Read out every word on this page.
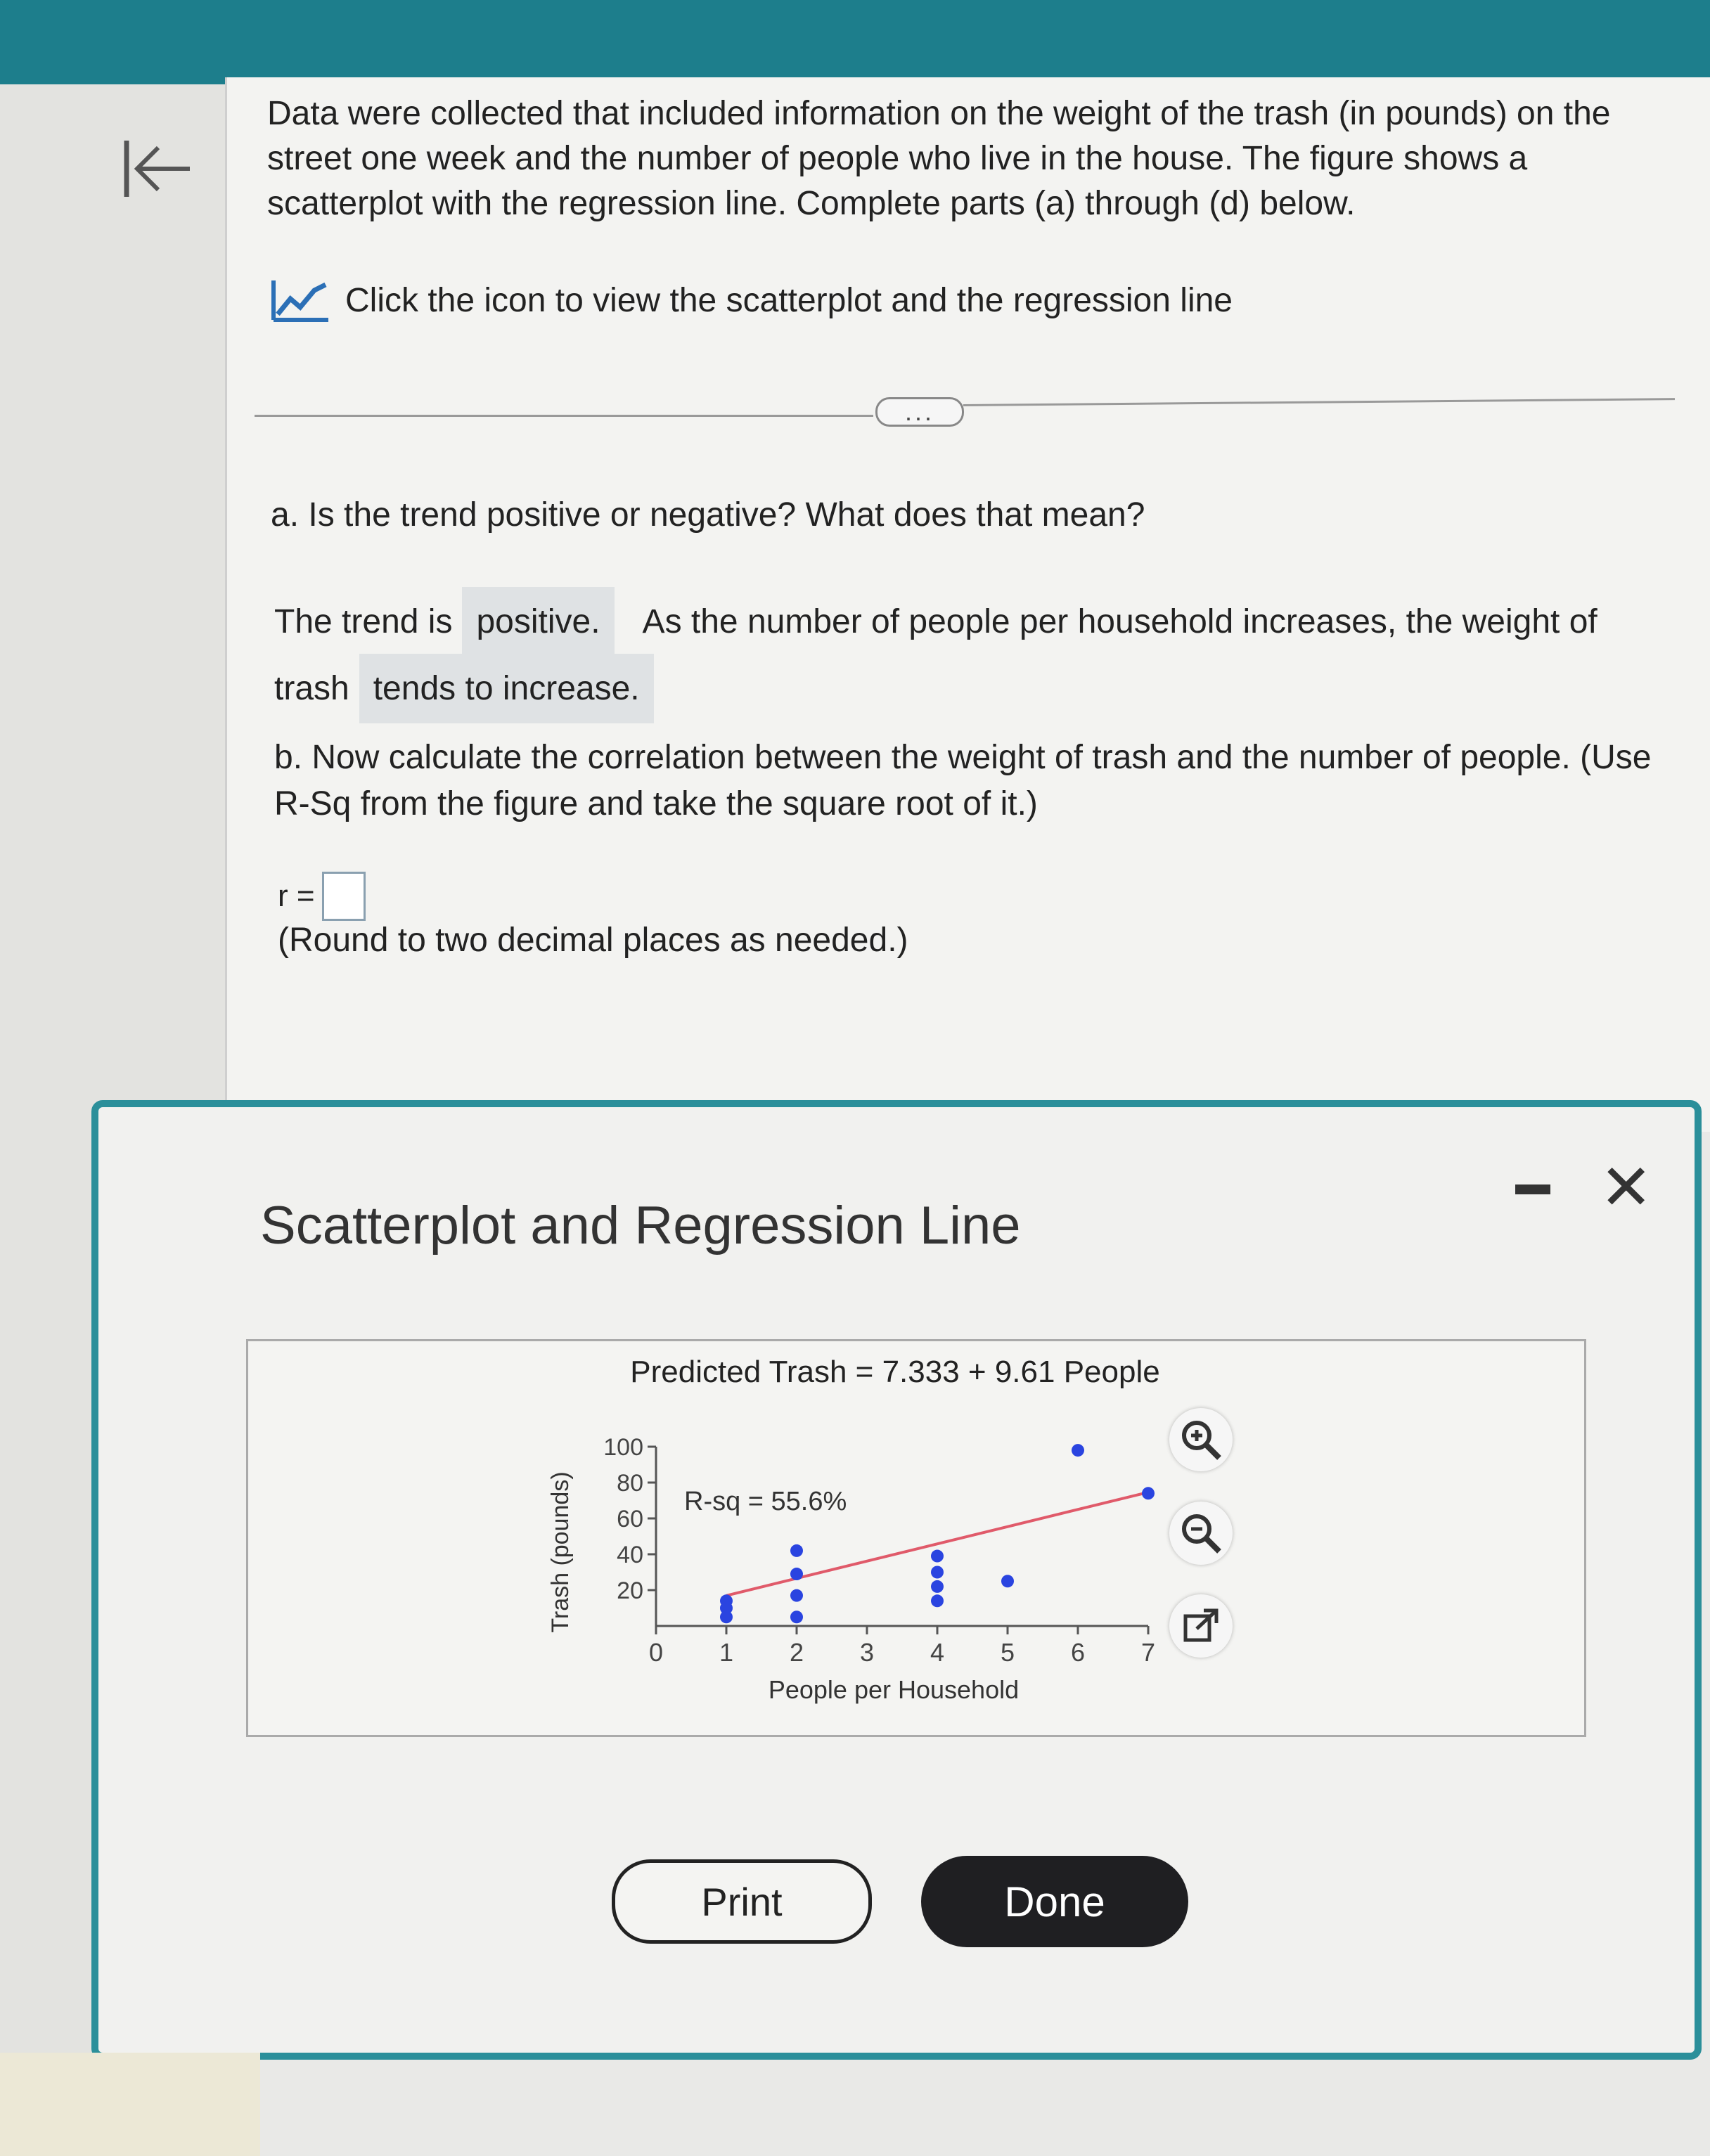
Data were collected that included information on the weight of the trash (in pounds) on the street one week and the number of people who live in the house. The figure shows a scatterplot with the regression line. Complete parts (a) through (d) below.
Click the icon to view the scatterplot and the regression line
...
a. Is the trend positive or negative? What does that mean?
The trend is positive.	As the number of people per household increases, the weight of
trash tends to increase.
b. Now calculate the correlation between the weight of trash and the number of people. (Use R-Sq from the figure and take the square root of it.)
r =
(Round to two decimal places as needed.)
Scatterplot and Regression Line
✕
Predicted Trash = 7.333 + 9.61 People
R-sq = 55.6%
People per Household
Trash (pounds)
0 1 2 3 4 5 6 7
20
40
60
80
100
Print	Done
